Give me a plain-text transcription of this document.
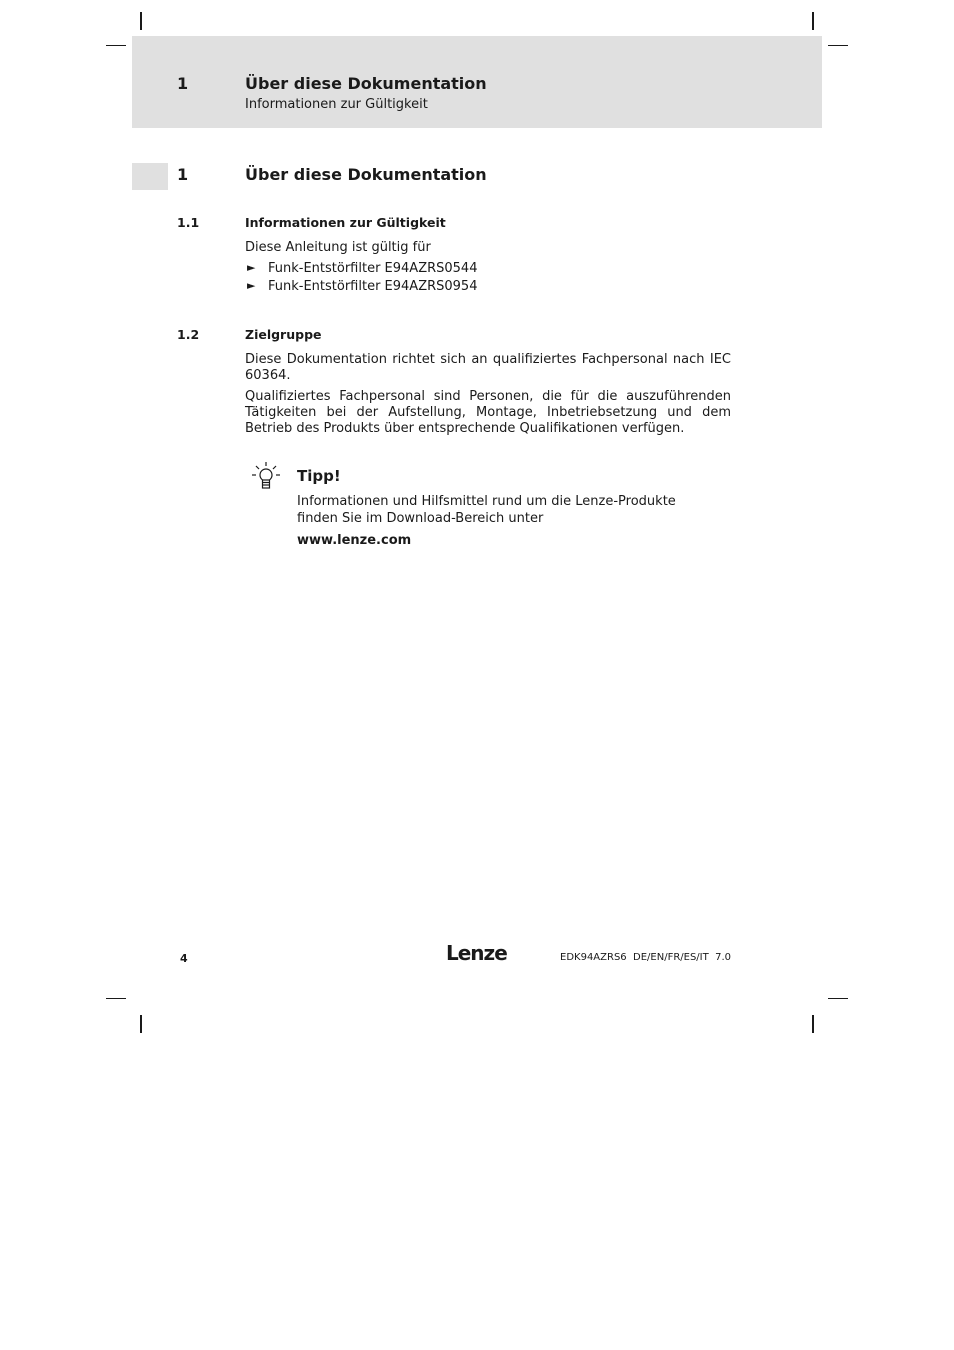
1	Über diese Dokumentation
Informationen zur Gültigkeit
1	Über diese Dokumentation
1.1	Informationen zur Gültigkeit
Diese Anleitung ist gültig für
► Funk-Entstörfilter E94AZRS0544
► Funk-Entstörfilter E94AZRS0954
1.2	Zielgruppe
Diese Dokumentation richtet sich an qualifiziertes Fachpersonal nach IEC 60364.
Qualifiziertes Fachpersonal sind Personen, die für die auszuführenden Tätigkeiten bei der Aufstellung, Montage, Inbetriebsetzung und dem Betrieb des Produkts über entsprechende Qualifikationen verfügen.
Tipp!
Informationen und Hilfsmittel rund um die Lenze-Produkte finden Sie im Download-Bereich unter
www.lenze.com
4	Lenze	EDK94AZRS6  DE/EN/FR/ES/IT  7.0
